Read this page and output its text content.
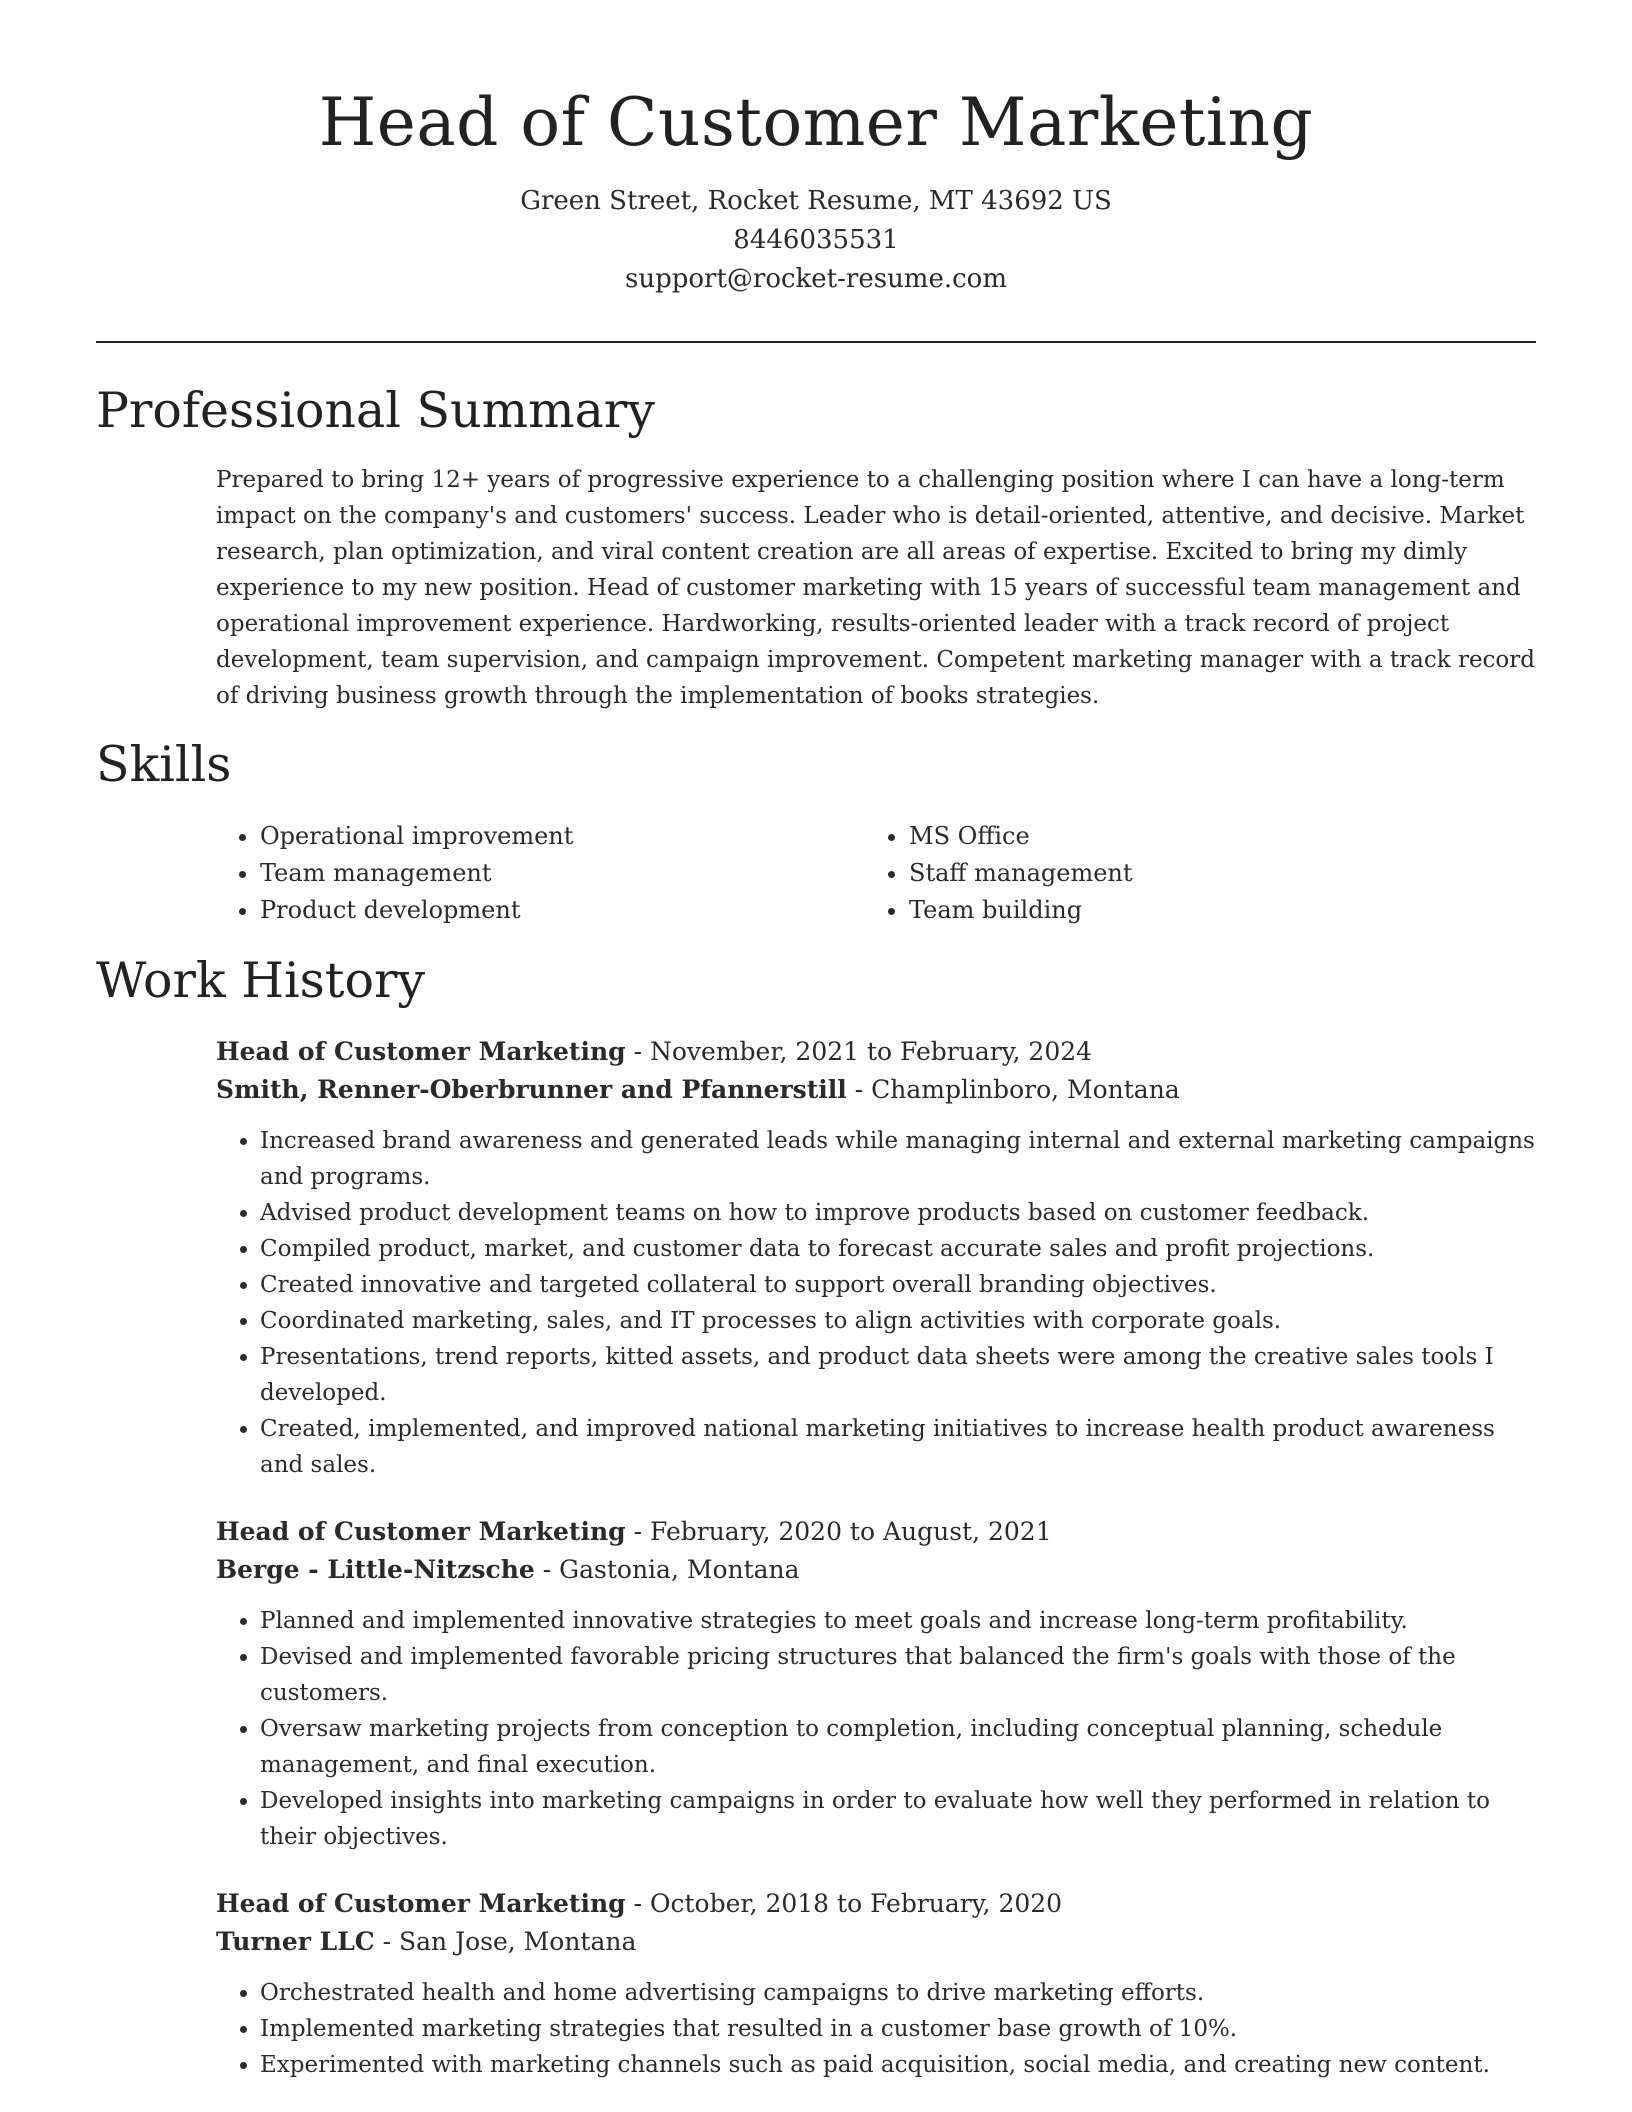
Head of Customer Marketing
Green Street, Rocket Resume, MT 43692 US
8446035531
support@rocket-resume.com
Professional Summary

Prepared to bring 12+ years of progressive experience to a challenging position where I can have a long-term impact on the company's and customers' success. Leader who is detail-oriented, attentive, and decisive. Market research, plan optimization, and viral content creation are all areas of expertise. Excited to bring my dimly experience to my new position. Head of customer marketing with 15 years of successful team management and operational improvement experience. Hardworking, results-oriented leader with a track record of project development, team supervision, and campaign improvement. Competent marketing manager with a track record of driving business growth through the implementation of books strategies.

Skills
• Operational improvement
• Team management
• Product development
• MS Office
• Staff management
• Team building
Work History
Head of Customer Marketing - November, 2021 to February, 2024
Smith, Renner-Oberbrunner and Pfannerstill - Champlinboro, Montana
• Increased brand awareness and generated leads while managing internal and external marketing campaigns and programs.
• Advised product development teams on how to improve products based on customer feedback.
• Compiled product, market, and customer data to forecast accurate sales and profit projections.
• Created innovative and targeted collateral to support overall branding objectives.
• Coordinated marketing, sales, and IT processes to align activities with corporate goals.
• Presentations, trend reports, kitted assets, and product data sheets were among the creative sales tools I developed.
• Created, implemented, and improved national marketing initiatives to increase health product awareness and sales.
Head of Customer Marketing - February, 2020 to August, 2021
Berge - Little-Nitzsche - Gastonia, Montana
• Planned and implemented innovative strategies to meet goals and increase long-term profitability.
• Devised and implemented favorable pricing structures that balanced the firm's goals with those of the customers.
• Oversaw marketing projects from conception to completion, including conceptual planning, schedule management, and final execution.
• Developed insights into marketing campaigns in order to evaluate how well they performed in relation to their objectives.
Head of Customer Marketing - October, 2018 to February, 2020
Turner LLC - San Jose, Montana
• Orchestrated health and home advertising campaigns to drive marketing efforts.
• Implemented marketing strategies that resulted in a customer base growth of 10%.
• Experimented with marketing channels such as paid acquisition, social media, and creating new content.
